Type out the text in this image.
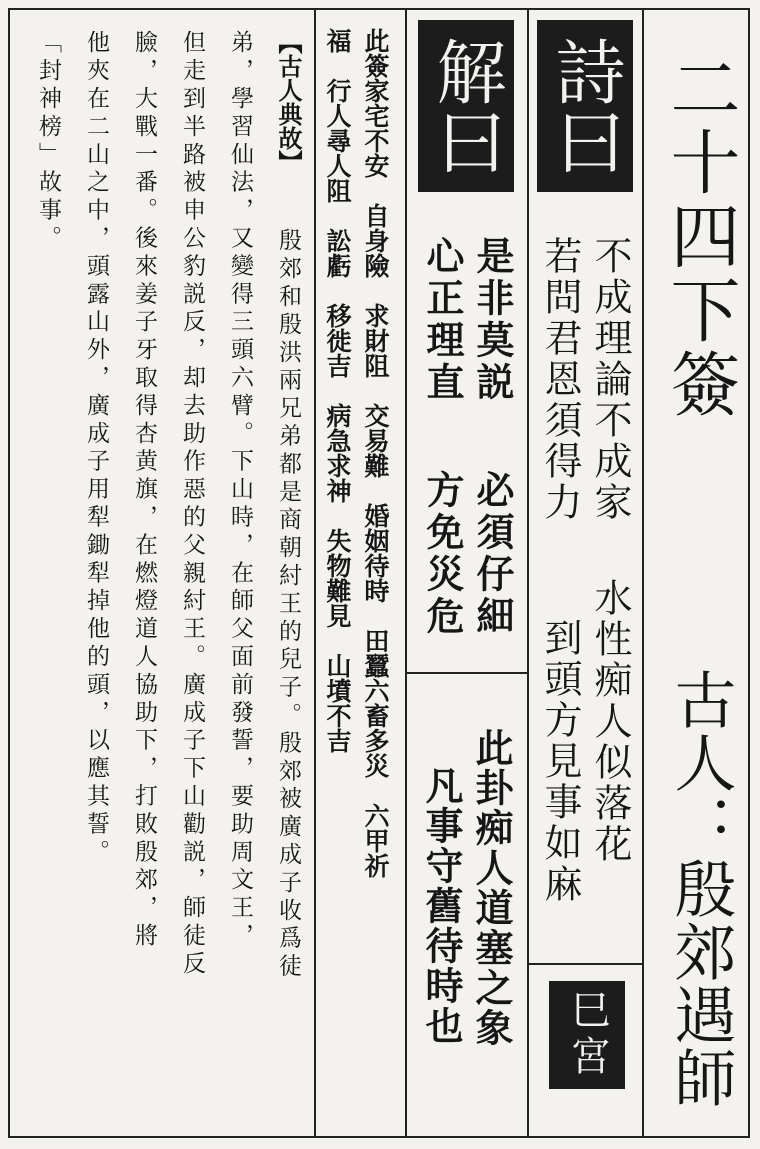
二十四下簽
古人：殷郊遇師
詩曰
不成理論不成家
若問君恩須得力
水性痴人似落花
到頭方見事如麻
巳宮
解曰
是非莫説
心正理直
必須仔細
方免災危
此卦痴人道塞之象
凡事守舊待時也
此簽家宅不安　自身險　求財阻　交易難　婚姻待時　田蠶六畜多災　六甲祈
福　行人尋人阻　訟虧　移徙吉　病急求神　失物難見　山墳不吉
【古人典故】
殷郊和殷洪兩兄弟都是商朝紂王的兒子。殷郊被廣成子收爲徒
弟，學習仙法，又變得三頭六臂。下山時，在師父面前發誓，要助周文王，
但走到半路被申公豹説反，却去助作惡的父親紂王。廣成子下山勸説，師徒反
臉，大戰一番。後來姜子牙取得杏黄旗，在燃燈道人協助下，打敗殷郊，將
他夾在二山之中，頭露山外，廣成子用犁鋤犁掉他的頭，以應其誓。
「封神榜」故事。
